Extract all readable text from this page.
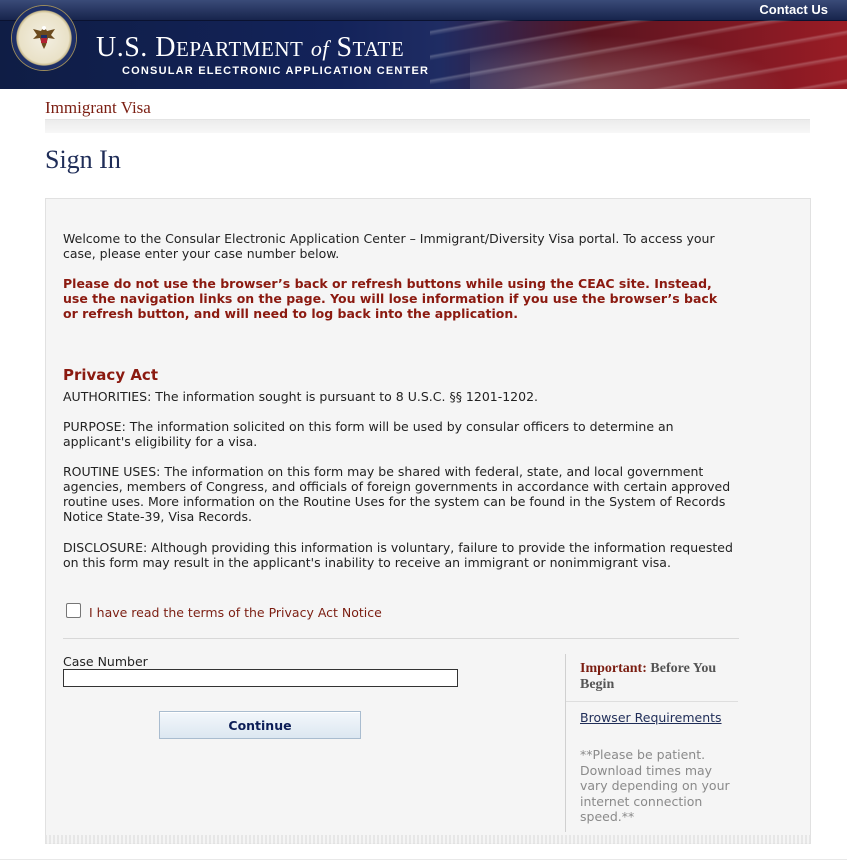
Contact Us
U.S. DEPARTMENT of STATE
CONSULAR ELECTRONIC APPLICATION CENTER
Immigrant Visa
Sign In
Welcome to the Consular Electronic Application Center – Immigrant/Diversity Visa portal. To access your case, please enter your case number below.
Please do not use the browser’s back or refresh buttons while using the CEAC site. Instead, use the navigation links on the page. You will lose information if you use the browser’s back or refresh button, and will need to log back into the application.
Privacy Act
AUTHORITIES: The information sought is pursuant to 8 U.S.C. §§ 1201-1202.
PURPOSE: The information solicited on this form will be used by consular officers to determine an applicant's eligibility for a visa.
ROUTINE USES: The information on this form may be shared with federal, state, and local government agencies, members of Congress, and officials of foreign governments in accordance with certain approved routine uses. More information on the Routine Uses for the system can be found in the System of Records Notice State-39, Visa Records.
DISCLOSURE: Although providing this information is voluntary, failure to provide the information requested on this form may result in the applicant's inability to receive an immigrant or nonimmigrant visa.
I have read the terms of the Privacy Act Notice
Case Number
Continue
Important: Before You Begin
Browser Requirements
**Please be patient. Download times may vary depending on your internet connection speed.**
